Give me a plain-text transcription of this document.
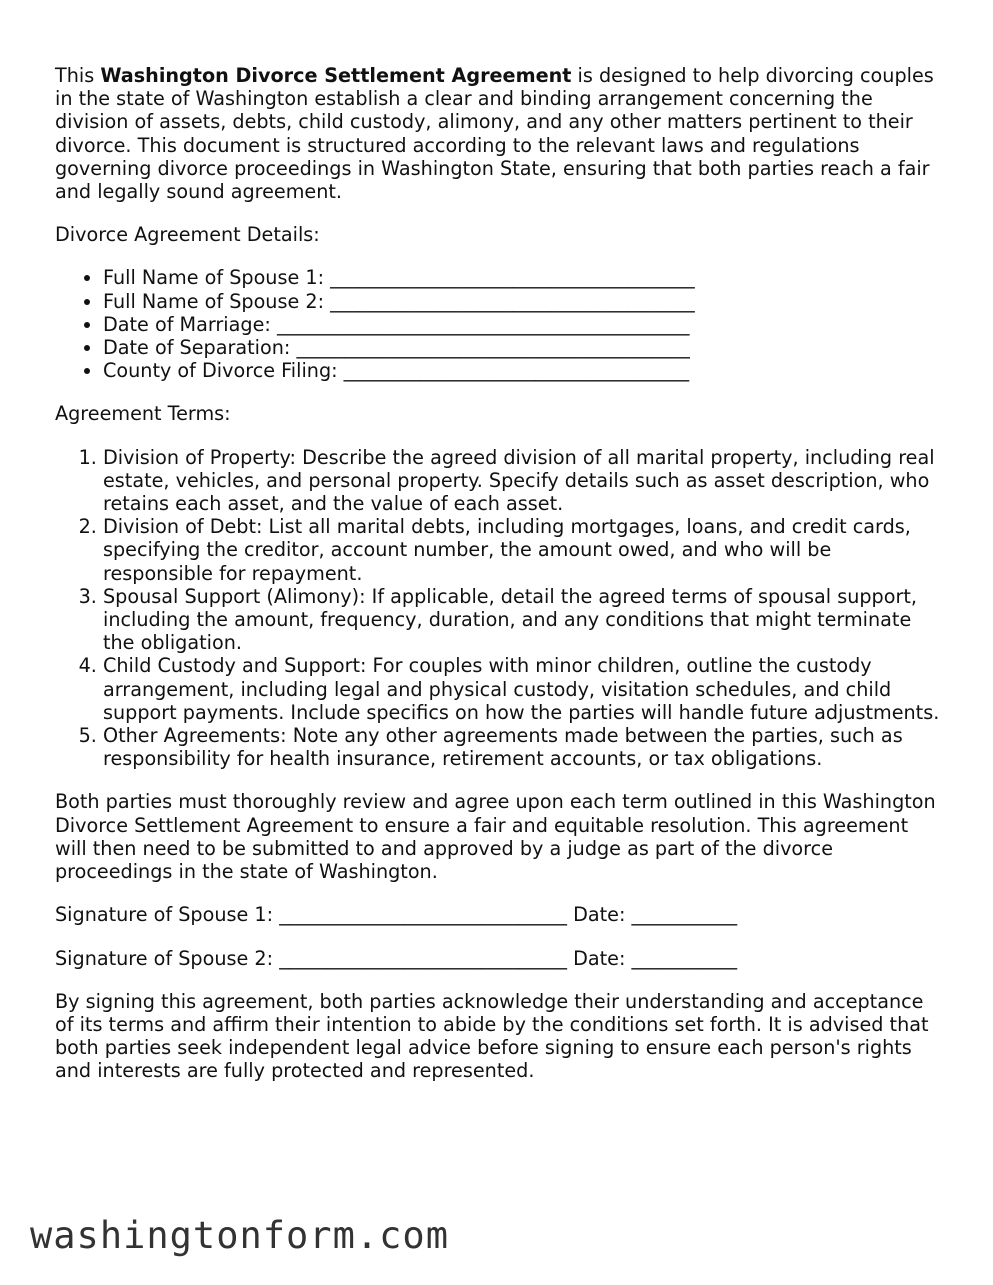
This Washington Divorce Settlement Agreement is designed to help divorcing couples in the state of Washington establish a clear and binding arrangement concerning the division of assets, debts, child custody, alimony, and any other matters pertinent to their divorce. This document is structured according to the relevant laws and regulations governing divorce proceedings in Washington State, ensuring that both parties reach a fair and legally sound agreement.

Divorce Agreement Details:

• Full Name of Spouse 1: ______________________________________
• Full Name of Spouse 2: ______________________________________
• Date of Marriage: ___________________________________________
• Date of Separation: _________________________________________
• County of Divorce Filing: ____________________________________

Agreement Terms:

1. Division of Property: Describe the agreed division of all marital property, including real estate, vehicles, and personal property. Specify details such as asset description, who retains each asset, and the value of each asset.
2. Division of Debt: List all marital debts, including mortgages, loans, and credit cards, specifying the creditor, account number, the amount owed, and who will be responsible for repayment.
3. Spousal Support (Alimony): If applicable, detail the agreed terms of spousal support, including the amount, frequency, duration, and any conditions that might terminate the obligation.
4. Child Custody and Support: For couples with minor children, outline the custody arrangement, including legal and physical custody, visitation schedules, and child support payments. Include specifics on how the parties will handle future adjustments.
5. Other Agreements: Note any other agreements made between the parties, such as responsibility for health insurance, retirement accounts, or tax obligations.

Both parties must thoroughly review and agree upon each term outlined in this Washington Divorce Settlement Agreement to ensure a fair and equitable resolution. This agreement will then need to be submitted to and approved by a judge as part of the divorce proceedings in the state of Washington.

Signature of Spouse 1: ______________________________ Date: ___________

Signature of Spouse 2: ______________________________ Date: ___________

By signing this agreement, both parties acknowledge their understanding and acceptance of its terms and affirm their intention to abide by the conditions set forth. It is advised that both parties seek independent legal advice before signing to ensure each person's rights and interests are fully protected and represented.

washingtonform.com
